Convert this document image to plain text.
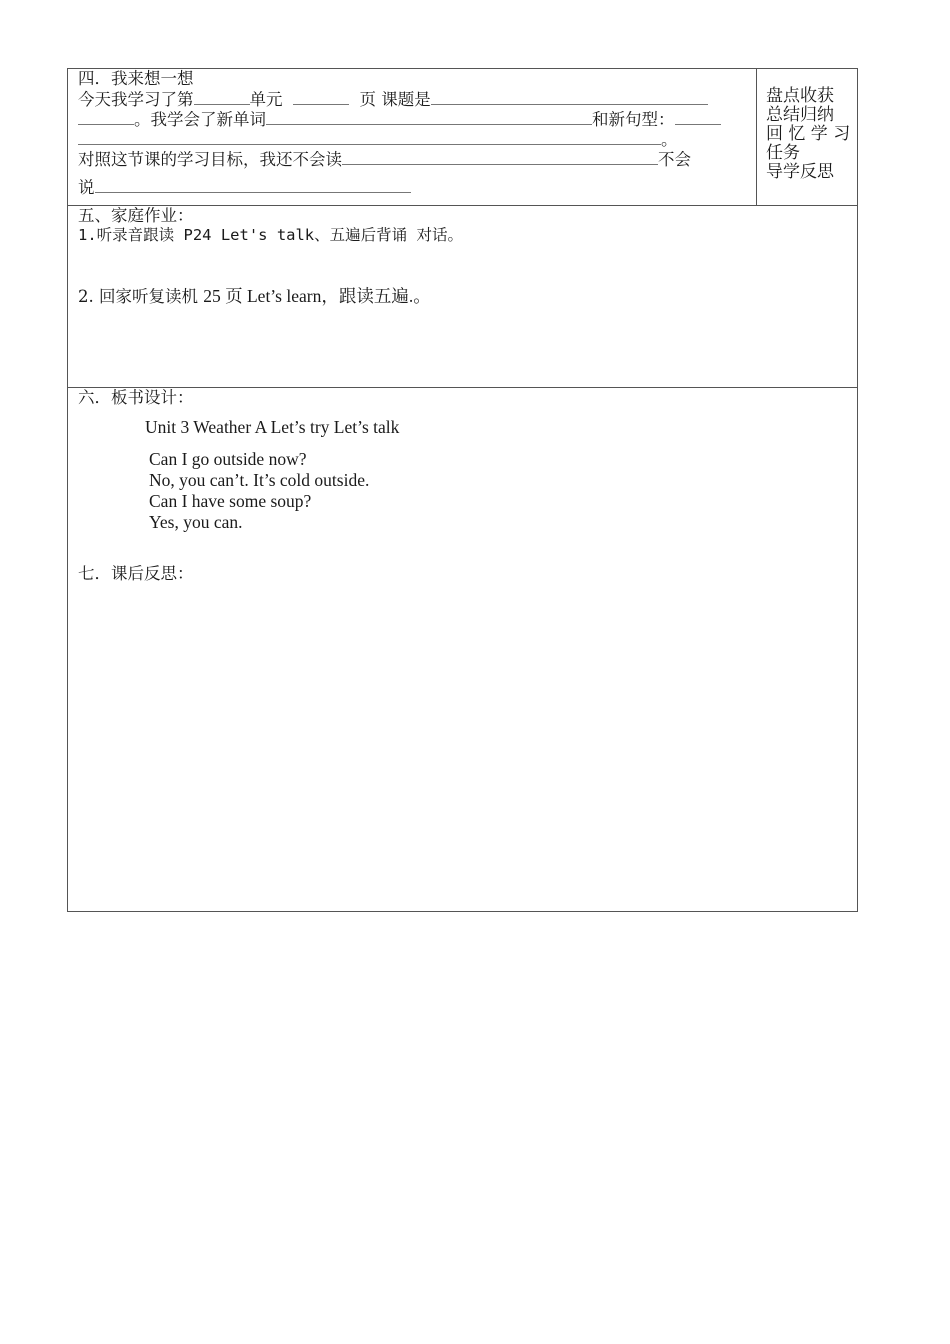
四．我来想一想
今天我学习了第	单元	页 课题是
。我学会了新单词	和新句型：
。
对照这节课的学习目标，我还不会读	不会
说
盘点收获
总结归纳
回 忆 学 习
任务
导学反思
五、家庭作业：
1.听录音跟读 P24 Let's talk、五遍后背诵 对话。
2. 回家听复读机 25 页 Let’s learn，跟读五遍.。
六．板书设计：
Unit 3 Weather A Let’s try Let’s talk
Can I go outside now?
No, you can’t. It’s cold outside.
Can I have some soup?
Yes, you can.
七．课后反思：
